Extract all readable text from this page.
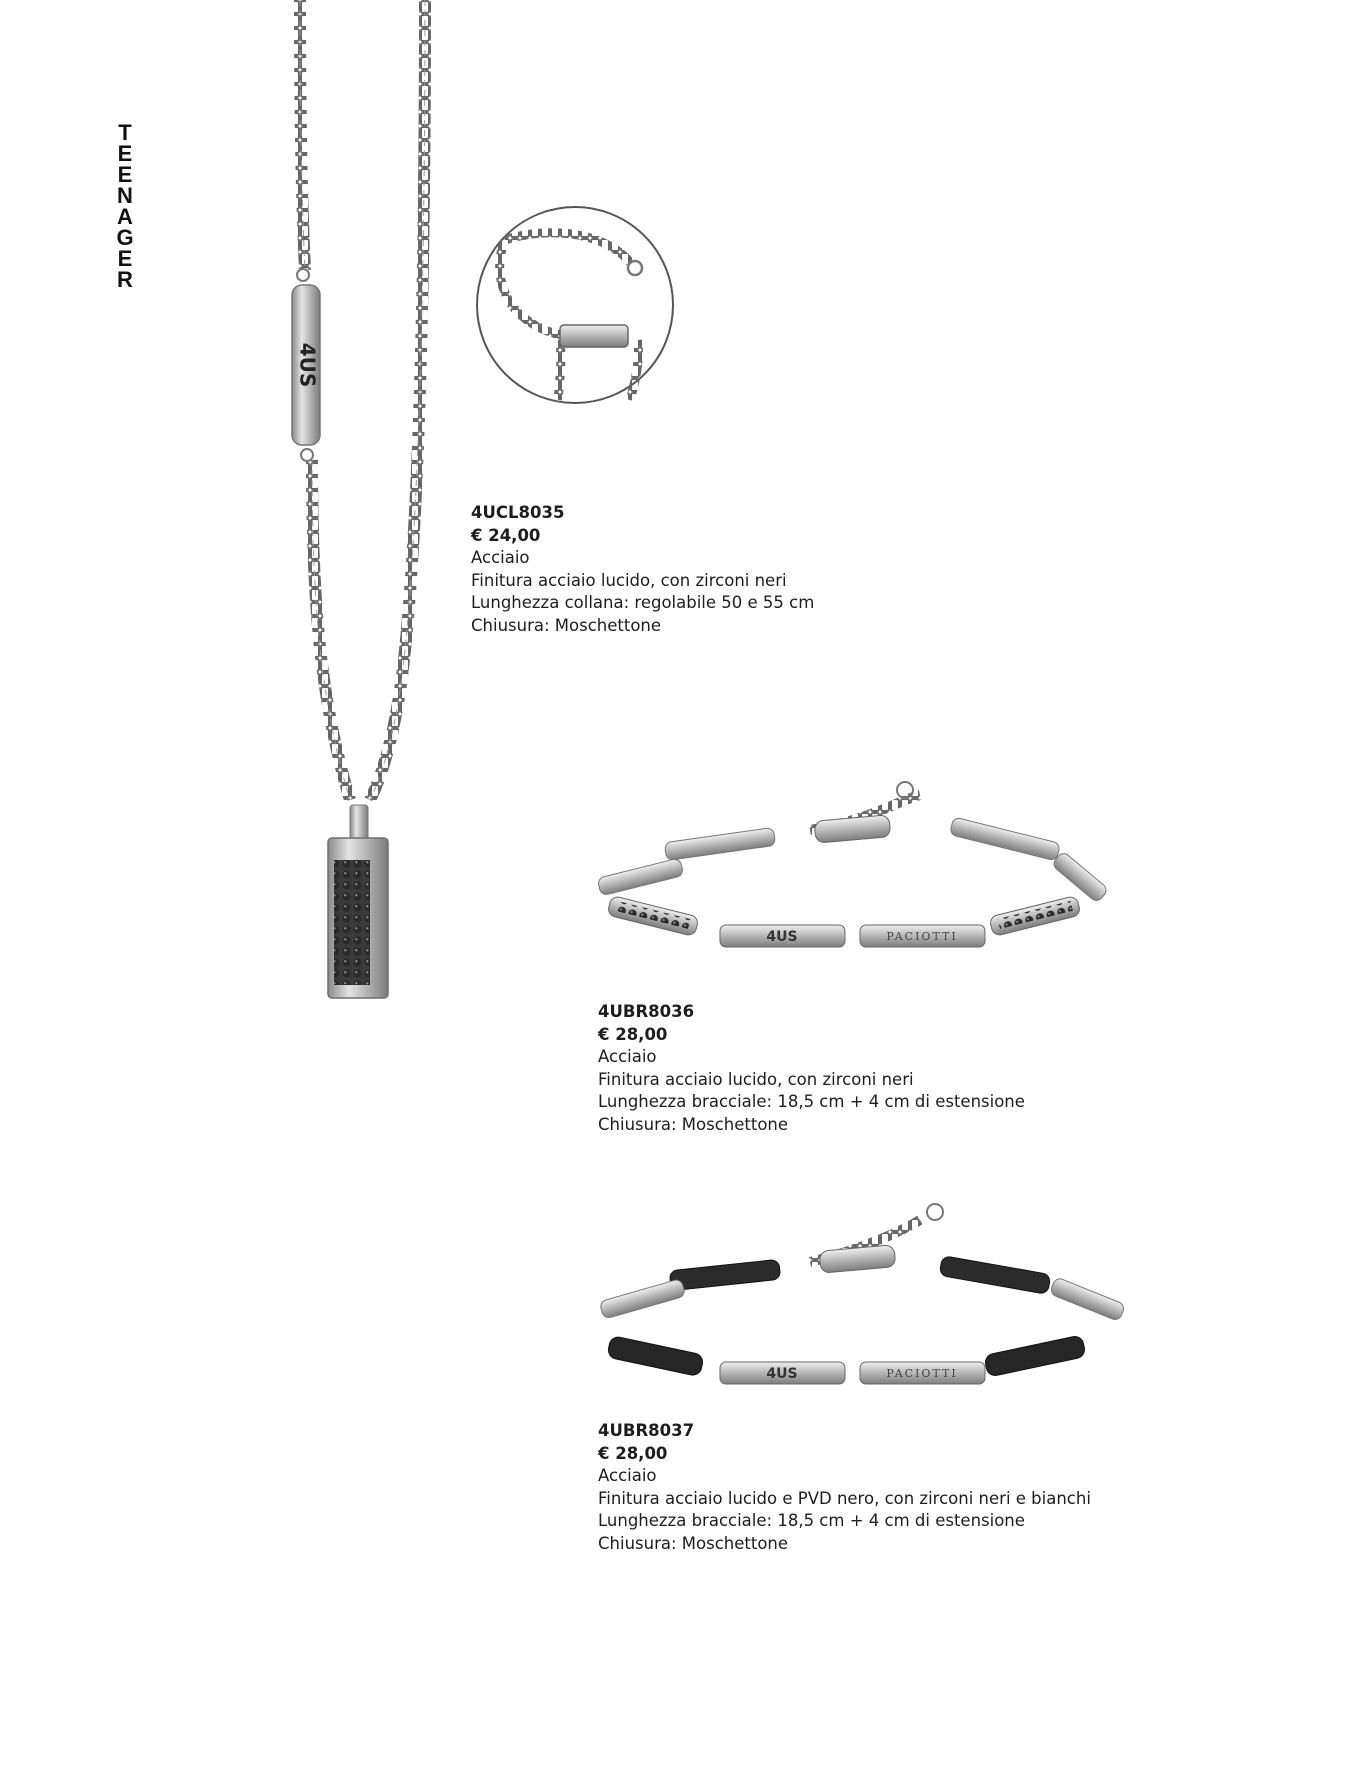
T
E
E
N
A
G
E
R
4US
4US	PACIOTTI
4US	PACIOTTI
4UCL8035
€ 24,00
Acciaio
Finitura acciaio lucido, con zirconi neri
Lunghezza collana: regolabile 50 e 55 cm
Chiusura: Moschettone
4UBR8036
€ 28,00
Acciaio
Finitura acciaio lucido, con zirconi neri
Lunghezza bracciale: 18,5 cm + 4 cm di estensione
Chiusura: Moschettone
4UBR8037
€ 28,00
Acciaio
Finitura acciaio lucido e PVD nero, con zirconi neri e bianchi
Lunghezza bracciale: 18,5 cm + 4 cm di estensione
Chiusura: Moschettone
